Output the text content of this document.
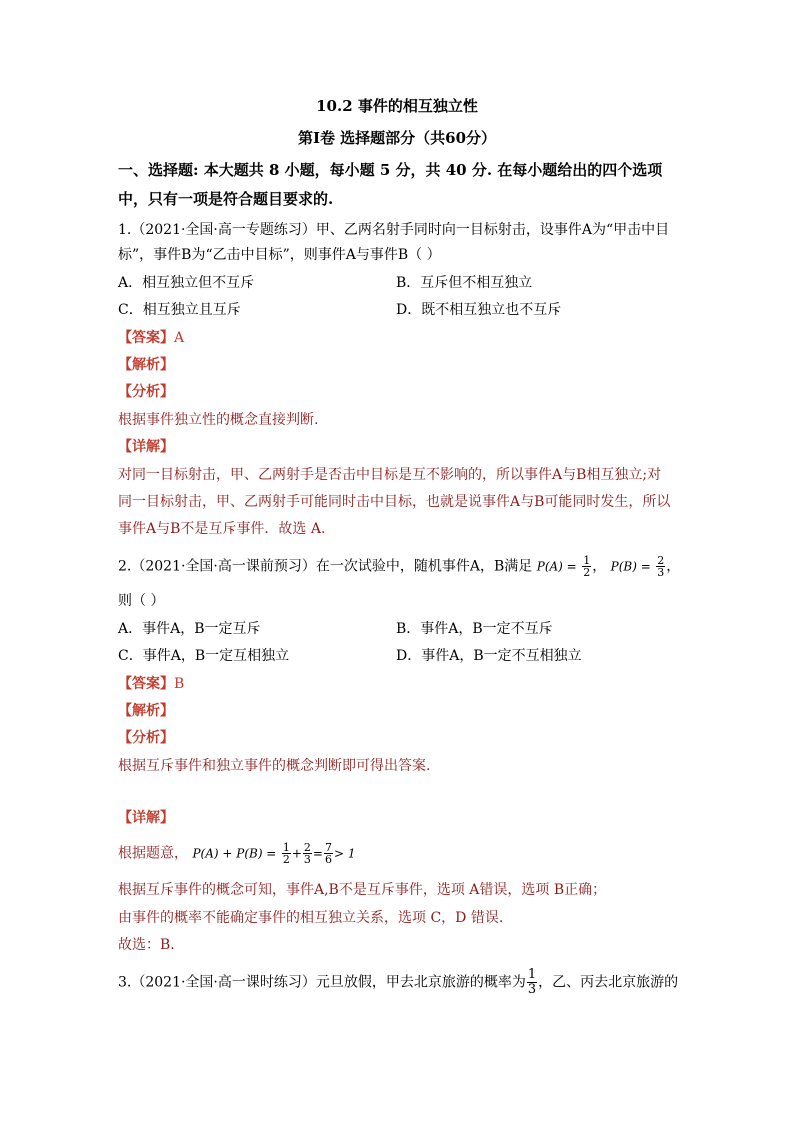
10.2 事件的相互独立性
第Ⅰ卷 选择题部分（共60分）
一、选择题: 本大题共 8 小题，每小题 5 分，共 40 分. 在每小题给出的四个选项
中，只有一项是符合题目要求的.
1.（2021·全国·高一专题练习）甲、乙两名射手同时向一目标射击，设事件A为“甲击中目
标”，事件B为“乙击中目标”，则事件A与事件B（ ）
A．相互独立但不互斥	B．互斥但不相互独立
C．相互独立且互斥	D．既不相互独立也不互斥
【答案】A
【解析】
【分析】
根据事件独立性的概念直接判断.
【详解】
对同一目标射击，甲、乙两射手是否击中目标是互不影响的，所以事件A与B相互独立;对
同一目标射击，甲、乙两射手可能同时击中目标，也就是说事件A与B可能同时发生，所以
事件A与B不是互斥事件．故选 A.
2.（2021·全国·高一课前预习）在一次试验中，随机事件A，B满足 $P(A) = \frac{1}{2}$ ， $P(B) = \frac{2}{3}$ ，
则（ ）
A．事件A，B一定互斥	B．事件A，B一定不互斥
C．事件A，B一定互相独立	D．事件A，B一定不互相独立
【答案】B
【解析】
【分析】
根据互斥事件和独立事件的概念判断即可得出答案.
【详解】
根据题意， $P(A) + P(B) = \frac{1}{2} + \frac{2}{3} = \frac{7}{6} > 1$
根据互斥事件的概念可知，事件A,B不是互斥事件，选项 A错误，选项 B正确；
由事件的概率不能确定事件的相互独立关系，选项 C，D 错误.
故选：B.
3.（2021·全国·高一课时练习）元旦放假，甲去北京旅游的概率为 $\frac{1}{3}$ ，乙、丙去北京旅游的
